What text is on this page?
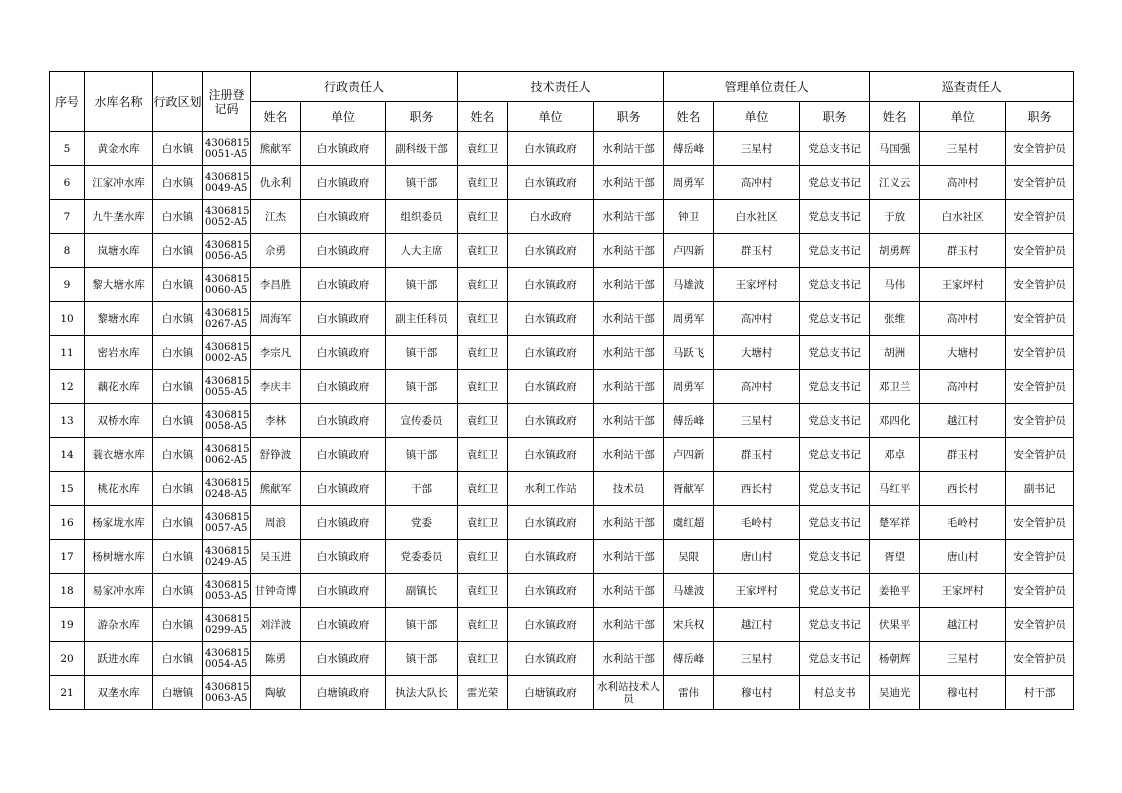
序号	水库名称	行政区划	注册登记码	行政责任人			技术责任人			管理单位责任人			巡查责任人		
				姓名	单位	职务	姓名	单位	职务	姓名	单位	职务	姓名	单位	职务
5	黄金水库	白水镇	43068150051-A5	熊献军	白水镇政府	副科级干部	袁红卫	白水镇政府	水利站干部	傅岳峰	三星村	党总支书记	马国强	三星村	安全管护员
6	江家冲水库	白水镇	43068150049-A5	仇永利	白水镇政府	镇干部	袁红卫	白水镇政府	水利站干部	周勇军	高冲村	党总支书记	江义云	高冲村	安全管护员
7	九牛垄水库	白水镇	43068150052-A5	江杰	白水镇政府	组织委员	袁红卫	白水政府	水利站干部	钟卫	白水社区	党总支书记	于放	白水社区	安全管护员
8	岚塘水库	白水镇	43068150056-A5	佘勇	白水镇政府	人大主席	袁红卫	白水镇政府	水利站干部	卢四新	群玉村	党总支书记	胡勇辉	群玉村	安全管护员
9	黎大塘水库	白水镇	43068150060-A5	李昌胜	白水镇政府	镇干部	袁红卫	白水镇政府	水利站干部	马雄波	王家坪村	党总支书记	马伟	王家坪村	安全管护员
10	黎塘水库	白水镇	43068150267-A5	周海军	白水镇政府	副主任科员	袁红卫	白水镇政府	水利站干部	周勇军	高冲村	党总支书记	张维	高冲村	安全管护员
11	密岩水库	白水镇	43068150002-A5	李宗凡	白水镇政府	镇干部	袁红卫	白水镇政府	水利站干部	马跃飞	大塘村	党总支书记	胡洲	大塘村	安全管护员
12	藕花水库	白水镇	43068150055-A5	李庆丰	白水镇政府	镇干部	袁红卫	白水镇政府	水利站干部	周勇军	高冲村	党总支书记	邓卫兰	高冲村	安全管护员
13	双桥水库	白水镇	43068150058-A5	李林	白水镇政府	宣传委员	袁红卫	白水镇政府	水利站干部	傅岳峰	三星村	党总支书记	邓四化	越江村	安全管护员
14	蓑衣塘水库	白水镇	43068150062-A5	舒铮波	白水镇政府	镇干部	袁红卫	白水镇政府	水利站干部	卢四新	群玉村	党总支书记	邓卓	群玉村	安全管护员
15	桃花水库	白水镇	43068150248-A5	熊献军	白水镇政府	干部	袁红卫	水利工作站	技术员	胥献军	西长村	党总支书记	马红平	西长村	副书记
16	杨家垅水库	白水镇	43068150057-A5	周浪	白水镇政府	党委	袁红卫	白水镇政府	水利站干部	虞红超	毛岭村	党总支书记	楚军祥	毛岭村	安全管护员
17	杨树塘水库	白水镇	43068150249-A5	吴玉进	白水镇政府	党委委员	袁红卫	白水镇政府	水利站干部	吴限	唐山村	党总支书记	胥望	唐山村	安全管护员
18	易家冲水库	白水镇	43068150053-A5	甘钟奇博	白水镇政府	副镇长	袁红卫	白水镇政府	水利站干部	马雄波	王家坪村	党总支书记	姜艳平	王家坪村	安全管护员
19	游杂水库	白水镇	43068150299-A5	刘洋波	白水镇政府	镇干部	袁红卫	白水镇政府	水利站干部	宋兵权	越江村	党总支书记	伏果平	越江村	安全管护员
20	跃进水库	白水镇	43068150054-A5	陈勇	白水镇政府	镇干部	袁红卫	白水镇政府	水利站干部	傅岳峰	三星村	党总支书记	杨朝辉	三星村	安全管护员
21	双垄水库	白塘镇	43068150063-A5	陶敏	白塘镇政府	执法大队长	雷光荣	白塘镇政府	水利站技术人员	雷伟	穆屯村	村总支书	吴迪光	穆屯村	村干部
